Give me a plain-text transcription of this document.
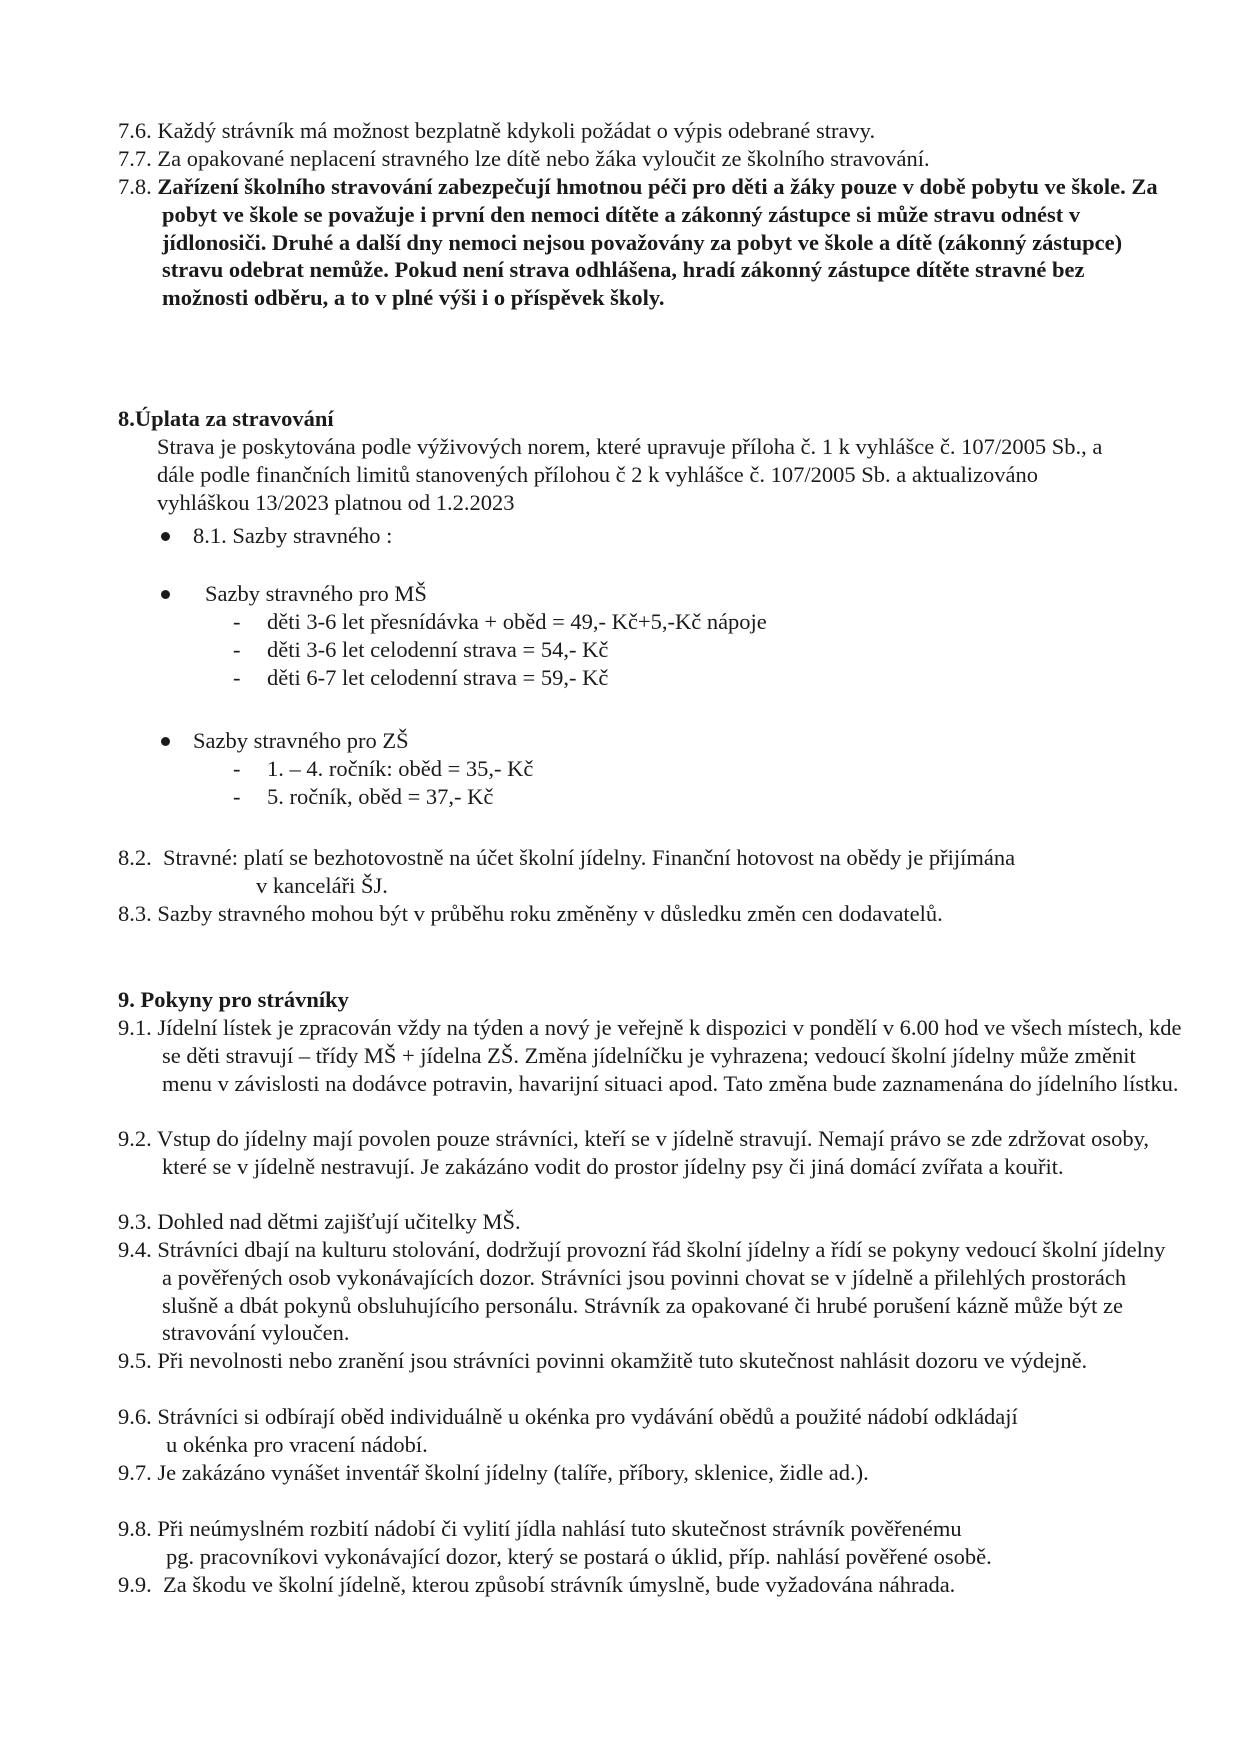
7.6. Každý strávník má možnost bezplatně kdykoli požádat o výpis odebrané stravy.
7.7. Za opakované neplacení stravného lze dítě nebo žáka vyloučit ze školního stravování.
7.8. Zařízení školního stravování zabezpečují hmotnou péči pro děti a žáky pouze v době pobytu ve škole. Za pobyt ve škole se považuje i první den nemoci dítěte a zákonný zástupce si může stravu odnést v jídlonosiči. Druhé a další dny nemoci nejsou považovány za pobyt ve škole a dítě (zákonný zástupce) stravu odebrat nemůže. Pokud není strava odhlášena, hradí zákonný zástupce dítěte stravné bez možnosti odběru, a to v plné výši i o příspěvek školy.
8.Úplata za stravování
Strava je poskytována podle výživových norem, které upravuje příloha č. 1 k vyhlášce č. 107/2005 Sb., a dále podle finančních limitů stanovených přílohou č 2 k vyhlášce č. 107/2005 Sb. a aktualizováno vyhláškou 13/2023 platnou od 1.2.2023
8.1. Sazby stravného :
Sazby stravného pro MŠ
- děti 3-6 let přesnídávka + oběd = 49,- Kč+5,-Kč nápoje
- děti 3-6 let celodenní strava = 54,- Kč
- děti 6-7 let celodenní strava = 59,- Kč
Sazby stravného pro ZŠ
- 1. – 4. ročník: oběd = 35,- Kč
- 5. ročník, oběd = 37,- Kč
8.2. Stravné: platí se bezhotovostně na účet školní jídelny. Finanční hotovost na obědy je přijímána
v kanceláři ŠJ.
8.3. Sazby stravného mohou být v průběhu roku změněny v důsledku změn cen dodavatelů.
9. Pokyny pro strávníky
9.1. Jídelní lístek je zpracován vždy na týden a nový je veřejně k dispozici v pondělí v 6.00 hod ve všech místech, kde se děti stravují – třídy MŠ + jídelna ZŠ. Změna jídelníčku je vyhrazena; vedoucí školní jídelny může změnit menu v závislosti na dodávce potravin, havarijní situaci apod. Tato změna bude zaznamenána do jídelního lístku.
9.2. Vstup do jídelny mají povolen pouze strávníci, kteří se v jídelně stravují. Nemají právo se zde zdržovat osoby, které se v jídelně nestravují. Je zakázáno vodit do prostor jídelny psy či jiná domácí zvířata a kouřit.
9.3. Dohled nad dětmi zajišťují učitelky MŠ.
9.4. Strávníci dbají na kulturu stolování, dodržují provozní řád školní jídelny a řídí se pokyny vedoucí školní jídelny a pověřených osob vykonávajících dozor. Strávníci jsou povinni chovat se v jídelně a přilehlých prostorách slušně a dbát pokynů obsluhujícího personálu. Strávník za opakované či hrubé porušení kázně může být ze stravování vyloučen.
9.5. Při nevolnosti nebo zranění jsou strávníci povinni okamžitě tuto skutečnost nahlásit dozoru ve výdejně.
9.6. Strávníci si odbírají oběd individuálně u okénka pro vydávání obědů a použité nádobí odkládají
u okénka pro vracení nádobí.
9.7. Je zakázáno vynášet inventář školní jídelny (talíře, příbory, sklenice, židle ad.).
9.8. Při neúmyslném rozbití nádobí či vylití jídla nahlásí tuto skutečnost strávník pověřenému
pg. pracovníkovi vykonávající dozor, který se postará o úklid, příp. nahlásí pověřené osobě.
9.9. Za škodu ve školní jídelně, kterou způsobí strávník úmyslně, bude vyžadována náhrada.
